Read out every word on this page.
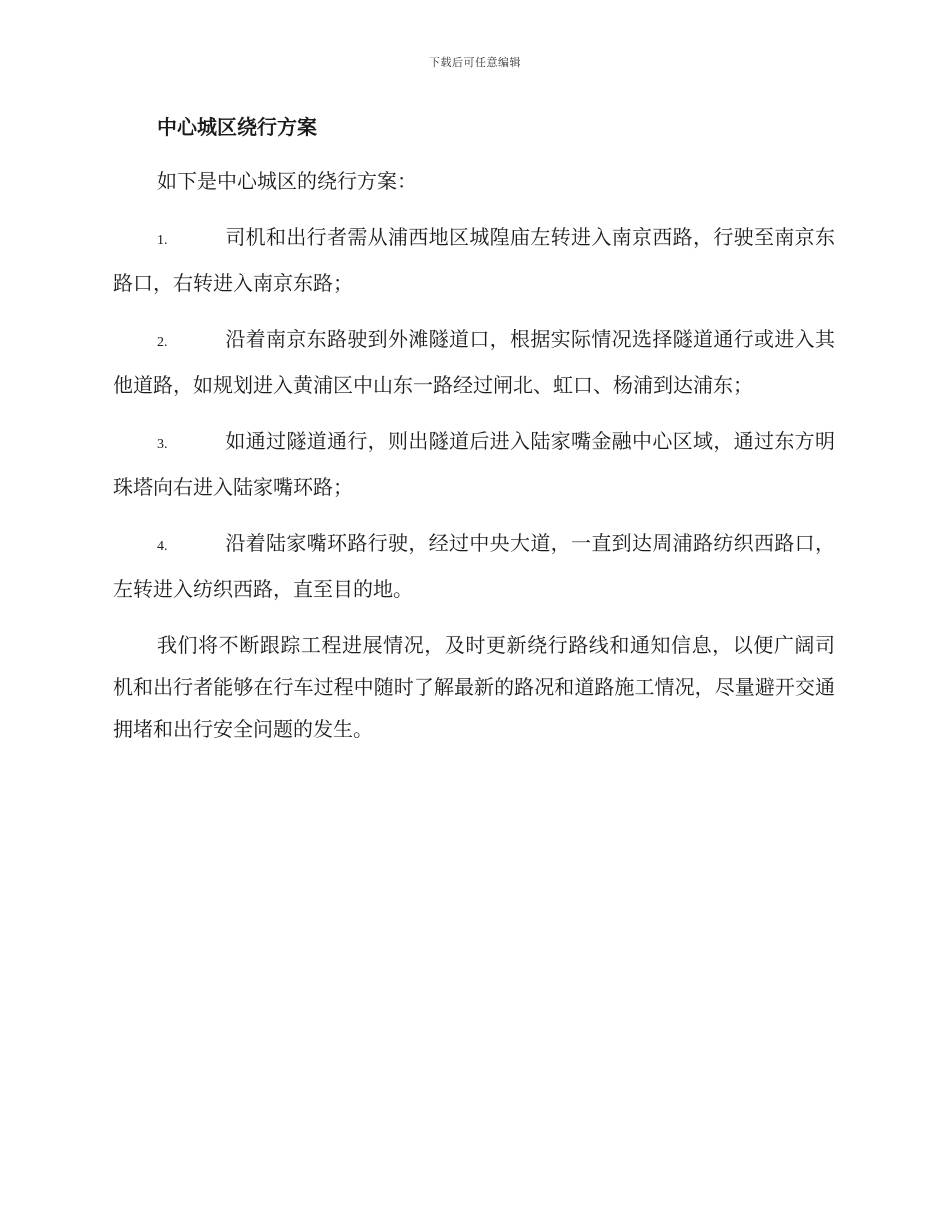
下载后可任意编辑
中心城区绕行方案

如下是中心城区的绕行方案：

1.	司机和出行者需从浦西地区城隍庙左转进入南京西路，行驶至南京东路口，右转进入南京东路；

2.	沿着南京东路驶到外滩隧道口，根据实际情况选择隧道通行或进入其他道路，如规划进入黄浦区中山东一路经过闸北、虹口、杨浦到达浦东；

3.	如通过隧道通行，则出隧道后进入陆家嘴金融中心区域，通过东方明珠塔向右进入陆家嘴环路；

4.	沿着陆家嘴环路行驶，经过中央大道，一直到达周浦路纺织西路口，左转进入纺织西路，直至目的地。

我们将不断跟踪工程进展情况，及时更新绕行路线和通知信息，以便广阔司机和出行者能够在行车过程中随时了解最新的路况和道路施工情况，尽量避开交通拥堵和出行安全问题的发生。
